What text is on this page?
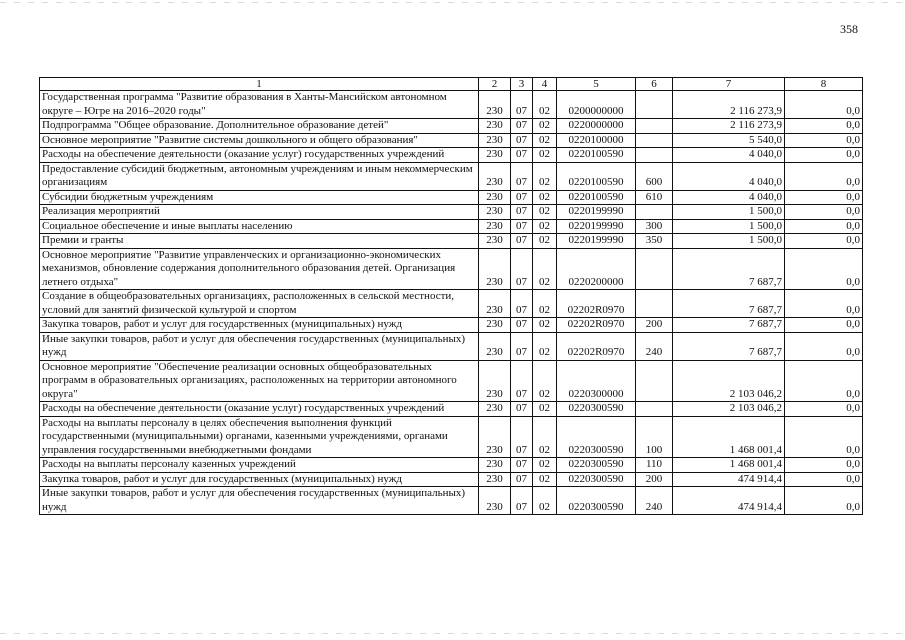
358
1	2	3	4	5	6	7	8
Государственная программа "Развитие образования в Ханты-Мансийском автономном округе – Югре на 2016–2020 годы"	230	07	02	0200000000		2 116 273,9	0,0
Подпрограмма "Общее образование. Дополнительное образование детей"	230	07	02	0220000000		2 116 273,9	0,0
Основное мероприятие "Развитие системы дошкольного и общего образования"	230	07	02	0220100000		5 540,0	0,0
Расходы на обеспечение деятельности (оказание услуг) государственных учреждений	230	07	02	0220100590		4 040,0	0,0
Предоставление субсидий бюджетным, автономным учреждениям и иным некоммерческим организациям	230	07	02	0220100590	600	4 040,0	0,0
Субсидии бюджетным учреждениям	230	07	02	0220100590	610	4 040,0	0,0
Реализация мероприятий	230	07	02	0220199990		1 500,0	0,0
Социальное обеспечение и иные выплаты населению	230	07	02	0220199990	300	1 500,0	0,0
Премии и гранты	230	07	02	0220199990	350	1 500,0	0,0
Основное мероприятие "Развитие управленческих и организационно-экономических механизмов, обновление содержания дополнительного образования детей. Организация летнего отдыха"	230	07	02	0220200000		7 687,7	0,0
Создание в общеобразовательных организациях, расположенных в сельской местности, условий для занятий физической культурой и спортом	230	07	02	02202R0970		7 687,7	0,0
Закупка товаров, работ и услуг для государственных (муниципальных) нужд	230	07	02	02202R0970	200	7 687,7	0,0
Иные закупки товаров, работ и услуг для обеспечения государственных (муниципальных) нужд	230	07	02	02202R0970	240	7 687,7	0,0
Основное мероприятие "Обеспечение реализации основных общеобразовательных программ в образовательных организациях, расположенных на территории автономного округа"	230	07	02	0220300000		2 103 046,2	0,0
Расходы на обеспечение деятельности (оказание услуг) государственных учреждений	230	07	02	0220300590		2 103 046,2	0,0
Расходы на выплаты персоналу в целях обеспечения выполнения функций государственными (муниципальными) органами, казенными учреждениями, органами управления государственными внебюджетными фондами	230	07	02	0220300590	100	1 468 001,4	0,0
Расходы на выплаты персоналу казенных учреждений	230	07	02	0220300590	110	1 468 001,4	0,0
Закупка товаров, работ и услуг для государственных (муниципальных) нужд	230	07	02	0220300590	200	474 914,4	0,0
Иные закупки товаров, работ и услуг для обеспечения государственных (муниципальных) нужд	230	07	02	0220300590	240	474 914,4	0,0
